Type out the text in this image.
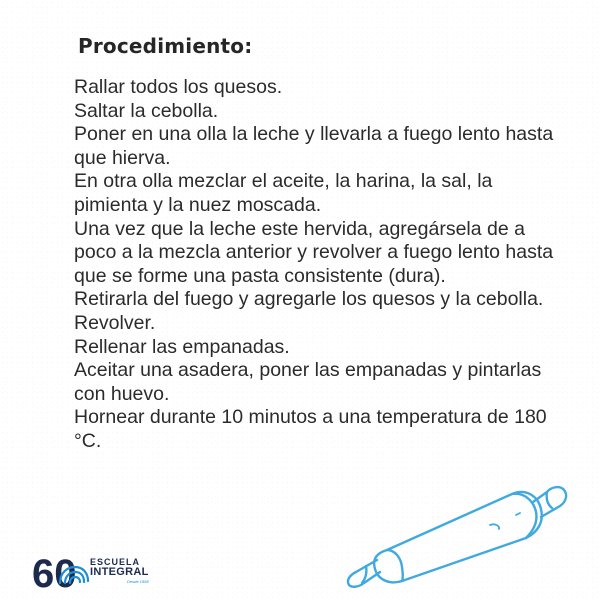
Procedimiento:
Rallar todos los quesos.
Saltar la cebolla.
Poner en una olla la leche y llevarla a fuego lento hasta que hierva.
En otra olla mezclar el aceite, la harina, la sal, la pimienta y la nuez moscada.
Una vez que la leche este hervida, agregársela de a poco a la mezcla anterior y revolver a fuego lento hasta que se forme una pasta consistente (dura).
Retirarla del fuego y agregarle los quesos y la cebolla.
Revolver.
Rellenar las empanadas.
Aceitar una asadera, poner las empanadas y pintarlas con huevo.
Hornear durante 10 minutos a una temperatura de 180 °C.
60 ESCUELA
INTEGRAL
Desde 1958
